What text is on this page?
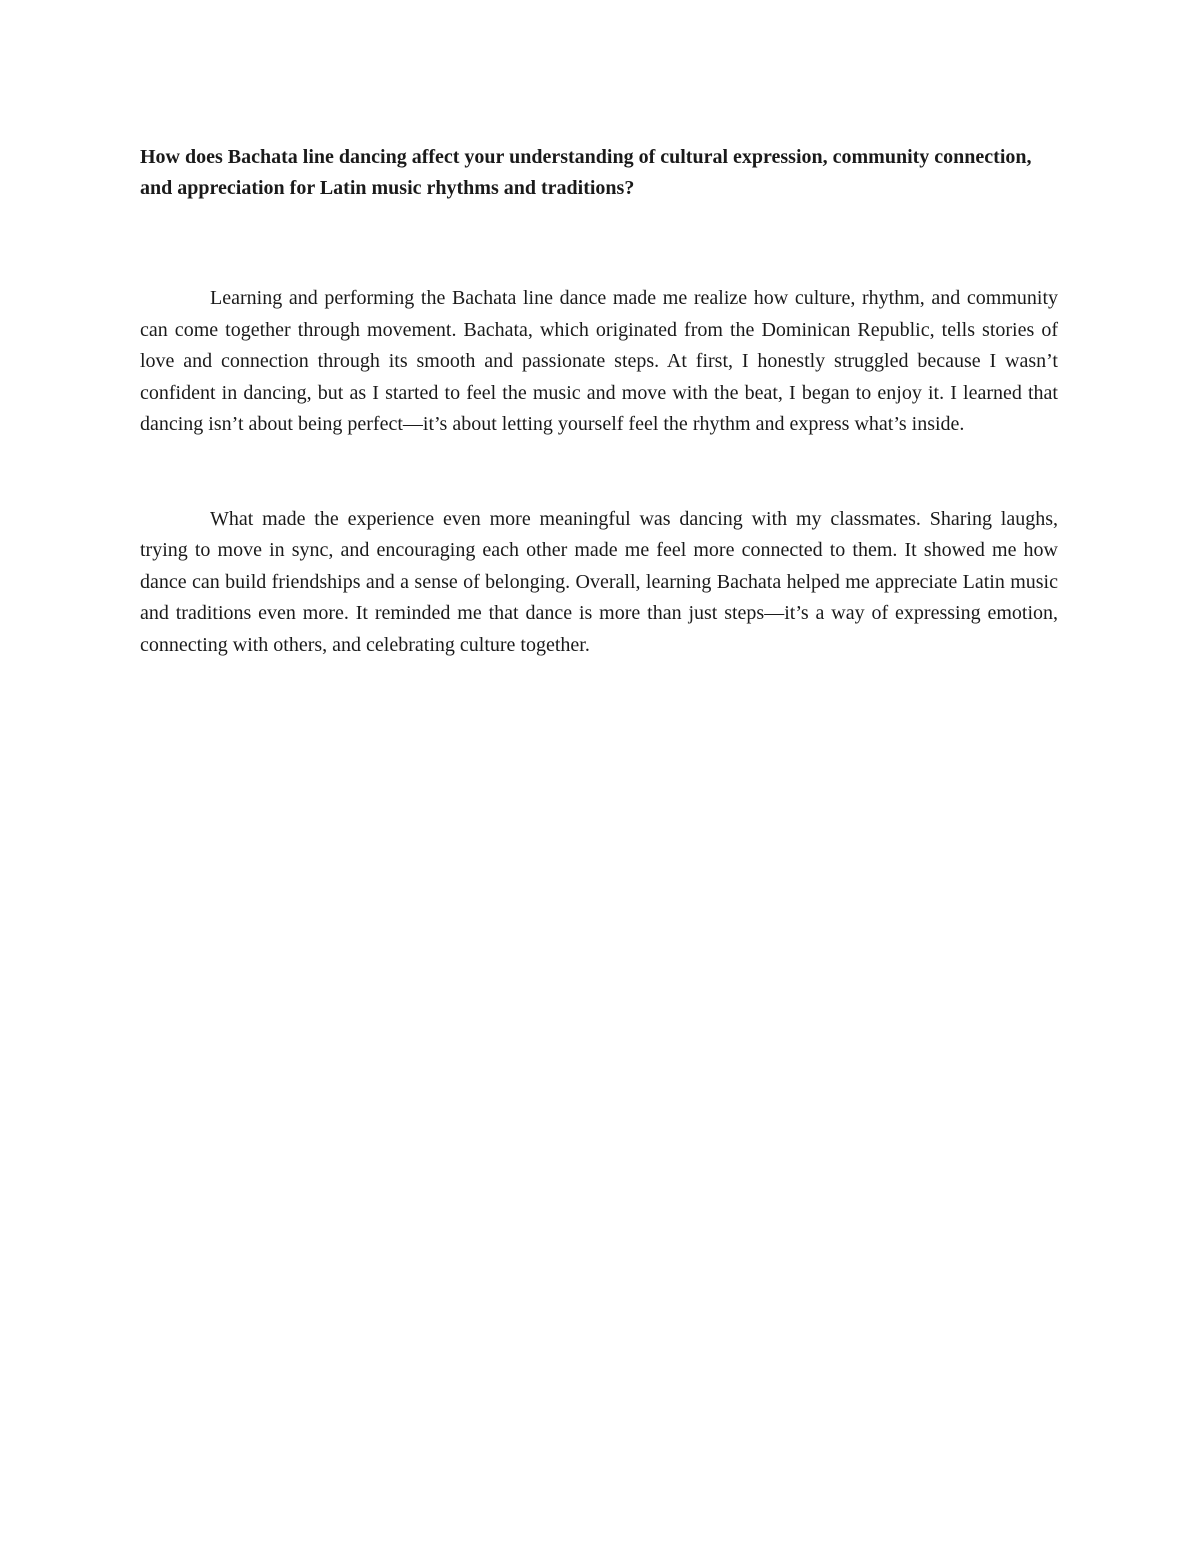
How does Bachata line dancing affect your understanding of cultural expression, community connection, and appreciation for Latin music rhythms and traditions?

Learning and performing the Bachata line dance made me realize how culture, rhythm, and community can come together through movement. Bachata, which originated from the Dominican Republic, tells stories of love and connection through its smooth and passionate steps. At first, I honestly struggled because I wasn’t confident in dancing, but as I started to feel the music and move with the beat, I began to enjoy it. I learned that dancing isn’t about being perfect—it’s about letting yourself feel the rhythm and express what’s inside.

What made the experience even more meaningful was dancing with my classmates. Sharing laughs, trying to move in sync, and encouraging each other made me feel more connected to them. It showed me how dance can build friendships and a sense of belonging. Overall, learning Bachata helped me appreciate Latin music and traditions even more. It reminded me that dance is more than just steps—it’s a way of expressing emotion, connecting with others, and celebrating culture together.
